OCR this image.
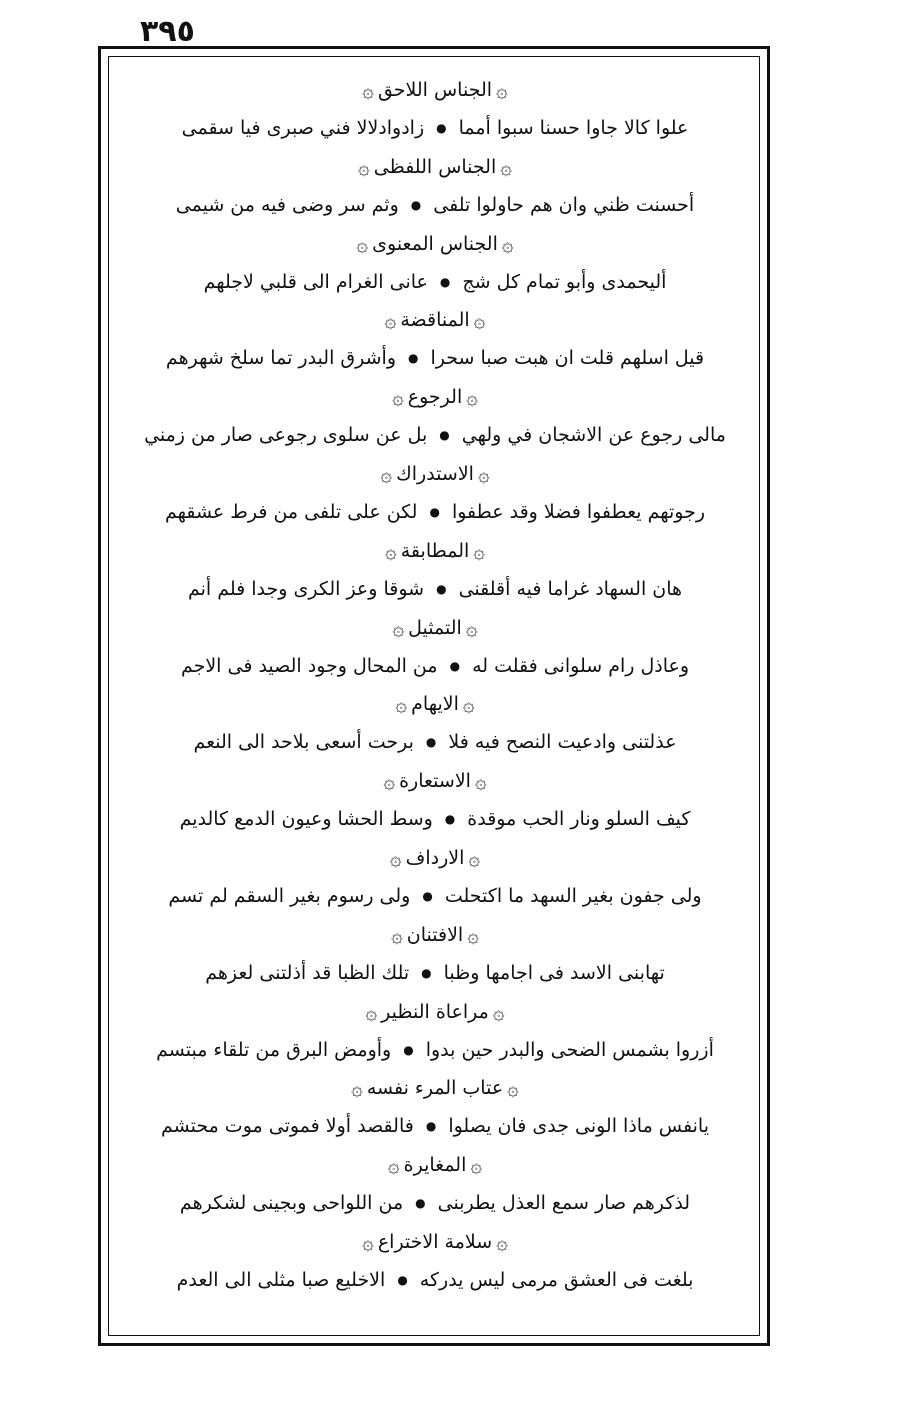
٣٩٥
۞
الجناس اللاحق
۞
علوا كالا جاوا حسنا سبوا أمما
●
زادوادلالا فني صبرى فيا سقمى
۞
الجناس اللفظى
۞
أحسنت ظني وان هم حاولوا تلفى
●
وثم سر وضى فيه من شيمى
۞
الجناس المعنوى
۞
أليحمدى وأبو تمام كل شج
●
عانى الغرام الى قلبي لاجلهم
۞
المناقضة
۞
قيل اسلهم قلت ان هبت صبا سحرا
●
وأشرق البدر تما سلخ شهرهم
۞
الرجوع
۞
مالى رجوع عن الاشجان في ولهي
●
بل عن سلوى رجوعى صار من زمني
۞
الاستدراك
۞
رجوتهم يعطفوا فضلا وقد عطفوا
●
لكن على تلفى من فرط عشقهم
۞
المطابقة
۞
هان السهاد غراما فيه أقلقنى
●
شوقا وعز الكرى وجدا فلم أنم
۞
التمثيل
۞
وعاذل رام سلوانى فقلت له
●
من المحال وجود الصيد فى الاجم
۞
الايهام
۞
عذلتنى وادعيت النصح فيه فلا
●
برحت أسعى بلاحد الى النعم
۞
الاستعارة
۞
كيف السلو ونار الحب موقدة
●
وسط الحشا وعيون الدمع كالديم
۞
الارداف
۞
ولى جفون بغير السهد ما اكتحلت
●
ولى رسوم بغير السقم لم تسم
۞
الافتنان
۞
تهابنى الاسد فى اجامها وظبا
●
تلك الظبا قد أذلتنى لعزهم
۞
مراعاة النظير
۞
أزروا بشمس الضحى والبدر حين بدوا
●
وأومض البرق من تلقاء مبتسم
۞
عتاب المرء نفسه
۞
يانفس ماذا الونى جدى فان يصلوا
●
فالقصد أولا فموتى موت محتشم
۞
المغايرة
۞
لذكرهم صار سمع العذل يطربنى
●
من اللواحى وبجينى لشكرهم
۞
سلامة الاختراع
۞
بلغت فى العشق مرمى ليس يدركه
●
الاخليع صبا مثلى الى العدم
